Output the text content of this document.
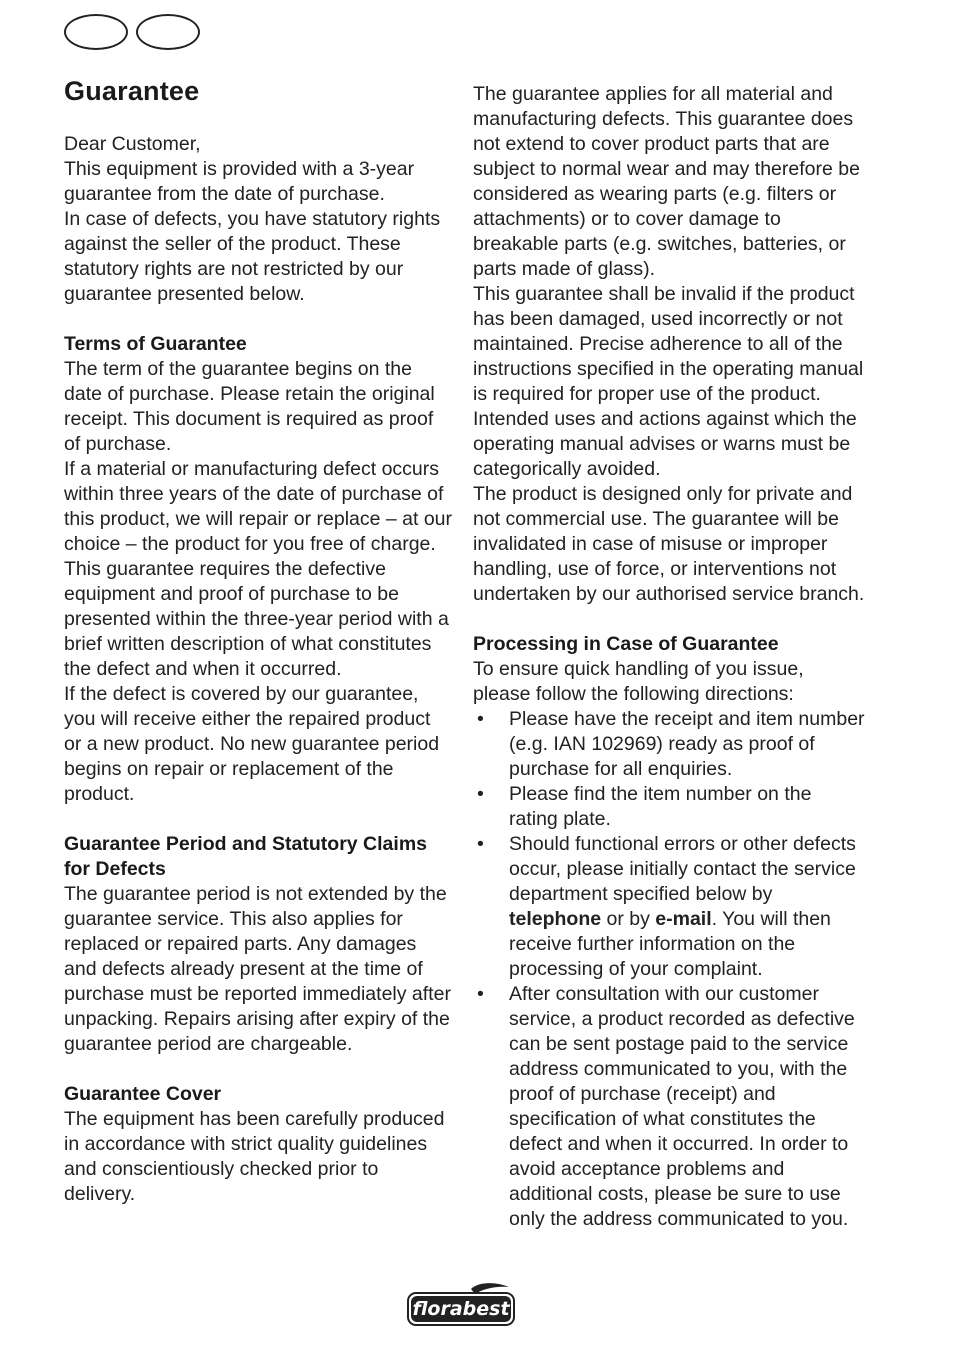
Guarantee

Dear Customer,

This equipment is provided with a 3-year guarantee from the date of purchase.

In case of defects, you have statutory rights against the seller of the product. These statutory rights are not restricted by our guarantee presented below.

Terms of Guarantee

The term of the guarantee begins on the date of purchase. Please retain the original receipt. This document is required as proof of purchase.

If a material or manufacturing defect occurs within three years of the date of purchase of this product, we will repair or replace – at our choice – the product for you free of charge. This guarantee requires the defective equipment and proof of purchase to be presented within the three-year period with a brief written description of what constitutes the defect and when it occurred.

If the defect is covered by our guarantee, you will receive either the repaired product or a new product. No new guarantee period begins on repair or replacement of the product.

Guarantee Period and Statutory Claims for Defects

The guarantee period is not extended by the guarantee service. This also applies for replaced or repaired parts. Any damages and defects already present at the time of purchase must be reported immediately after unpacking. Repairs arising after expiry of the guarantee period are chargeable.

Guarantee Cover

The equipment has been carefully produced in accordance with strict quality guidelines and conscientiously checked prior to delivery.

The guarantee applies for all material and manufacturing defects. This guarantee does not extend to cover product parts that are subject to normal wear and may therefore be considered as wearing parts (e.g. filters or attachments) or to cover damage to breakable parts (e.g. switches, batteries, or parts made of glass).

This guarantee shall be invalid if the product has been damaged, used incorrectly or not maintained. Precise adherence to all of the instructions specified in the operating manual is required for proper use of the product. Intended uses and actions against which the operating manual advises or warns must be categorically avoided.

The product is designed only for private and not commercial use. The guarantee will be invalidated in case of misuse or improper handling, use of force, or interventions not undertaken by our authorised service branch.

Processing in Case of Guarantee

To ensure quick handling of you issue, please follow the following directions:

• Please have the receipt and item number (e.g. IAN 102969) ready as proof of purchase for all enquiries.
• Please find the item number on the rating plate.
• Should functional errors or other defects occur, please initially contact the service department specified below by telephone or by e-mail. You will then receive further information on the processing of your complaint.
• After consultation with our customer service, a product recorded as defective can be sent postage paid to the service address communicated to you, with the proof of purchase (receipt) and specification of what constitutes the defect and when it occurred. In order to avoid acceptance problems and additional costs, please be sure to use only the address communicated to you.
florabest
